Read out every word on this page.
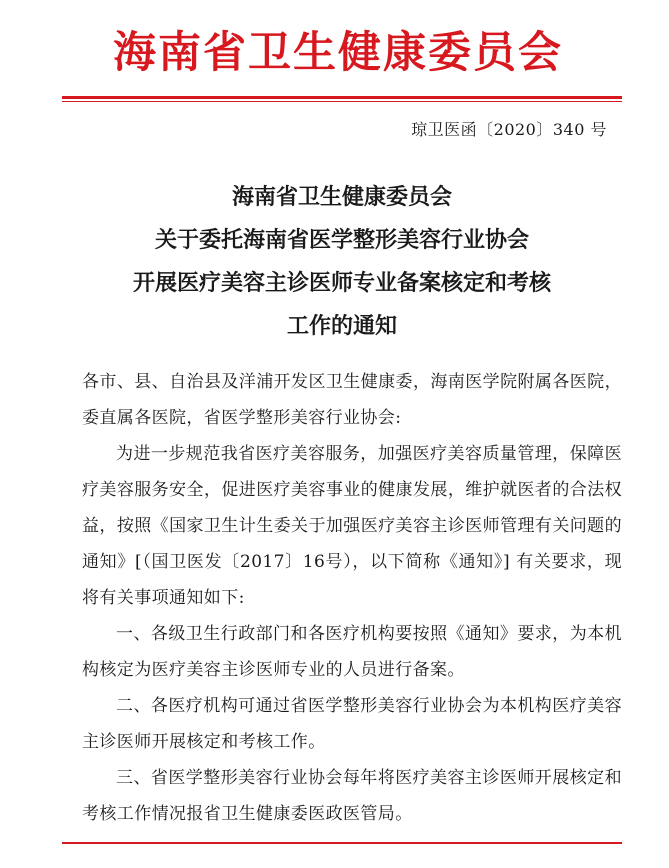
海南省卫生健康委员会
琼卫医函〔2020〕340 号
海南省卫生健康委员会
关于委托海南省医学整形美容行业协会
开展医疗美容主诊医师专业备案核定和考核
工作的通知

各市、县、自治县及洋浦开发区卫生健康委，海南医学院附属各医院，委直属各医院，省医学整形美容行业协会:

为进一步规范我省医疗美容服务，加强医疗美容质量管理，保障医疗美容服务安全，促进医疗美容事业的健康发展，维护就医者的合法权益，按照《国家卫生计生委关于加强医疗美容主诊医师管理有关问题的通知》[（国卫医发〔2017〕16号），以下简称《通知》] 有关要求，现将有关事项通知如下:

一、各级卫生行政部门和各医疗机构要按照《通知》要求，为本机构核定为医疗美容主诊医师专业的人员进行备案。

二、各医疗机构可通过省医学整形美容行业协会为本机构医疗美容主诊医师开展核定和考核工作。

三、省医学整形美容行业协会每年将医疗美容主诊医师开展核定和考核工作情况报省卫生健康委医政医管局。
